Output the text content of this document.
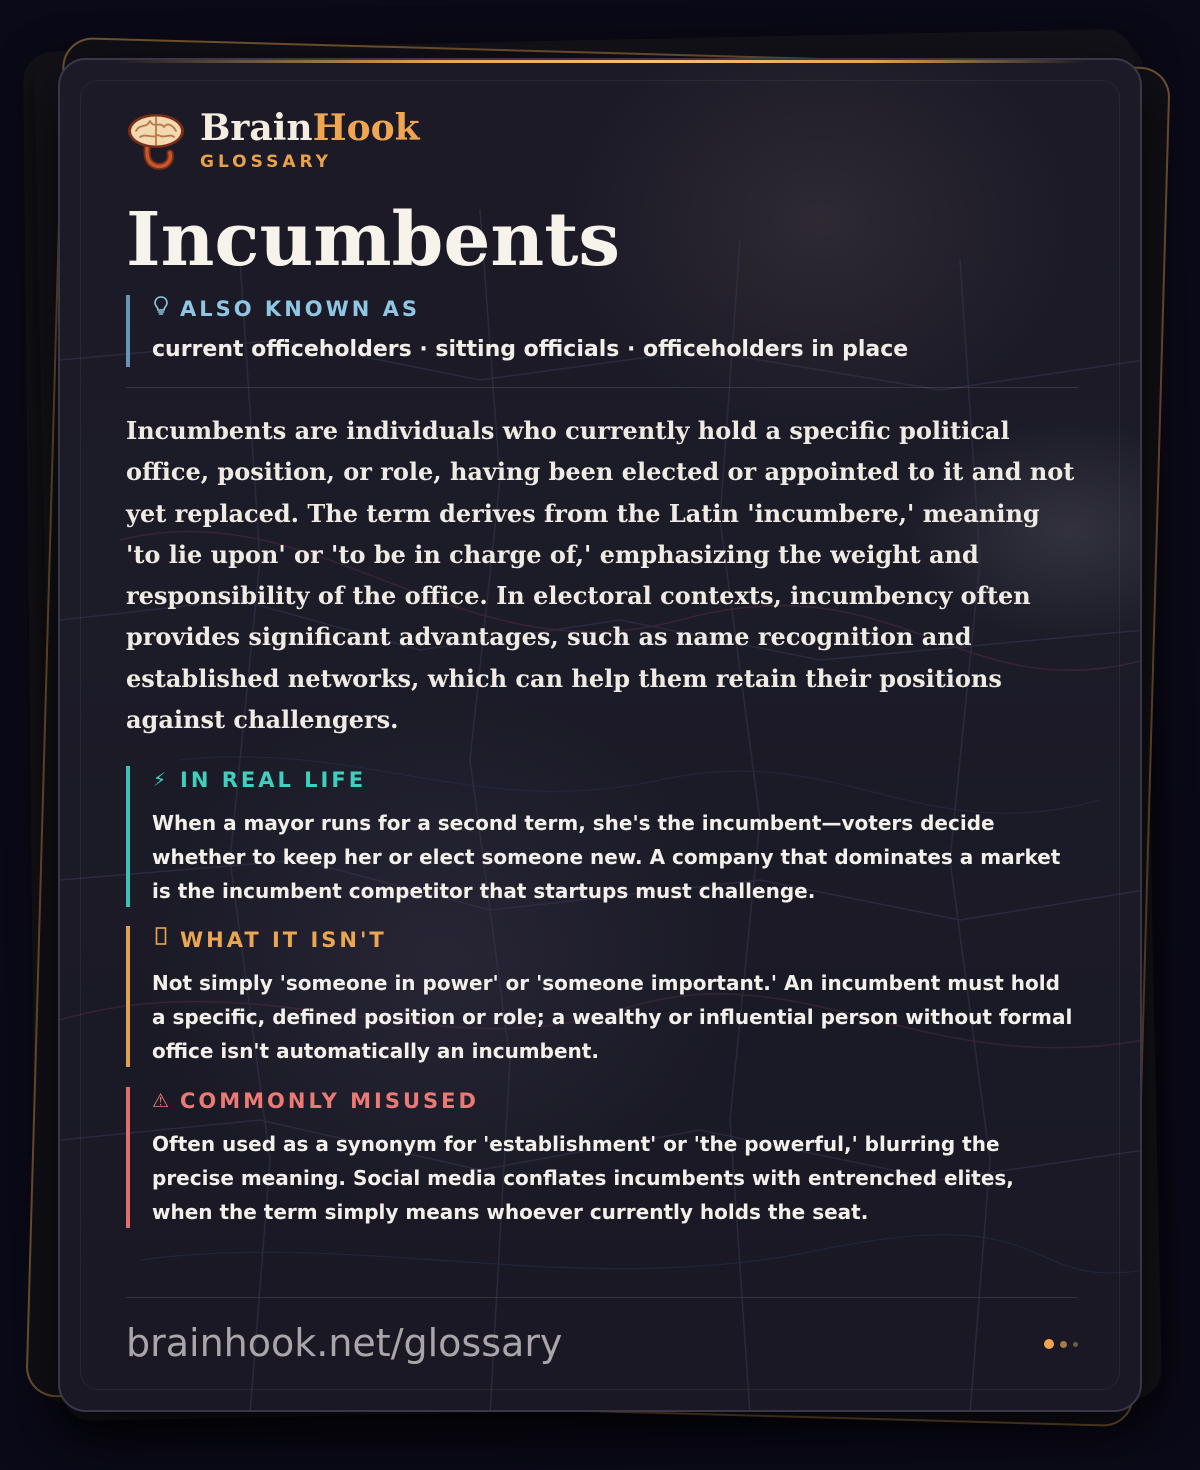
BrainHook
GLOSSARY
Incumbents
ALSO KNOWN AS
current officeholders · sitting officials · officeholders in place

Incumbents are individuals who currently hold a specific political office, position, or role, having been elected or appointed to it and not yet replaced. The term derives from the Latin 'incumbere,' meaning 'to lie upon' or 'to be in charge of,' emphasizing the weight and responsibility of the office. In electoral contexts, incumbency often provides significant advantages, such as name recognition and established networks, which can help them retain their positions against challengers.

⚡ IN REAL LIFE
When a mayor runs for a second term, she's the incumbent—voters decide whether to keep her or elect someone new. A company that dominates a market is the incumbent competitor that startups must challenge.
WHAT IT ISN'T
Not simply 'someone in power' or 'someone important.' An incumbent must hold a specific, defined position or role; a wealthy or influential person without formal office isn't automatically an incumbent.
⚠ COMMONLY MISUSED
Often used as a synonym for 'establishment' or 'the powerful,' blurring the precise meaning. Social media conflates incumbents with entrenched elites, when the term simply means whoever currently holds the seat.
brainhook.net/glossary
